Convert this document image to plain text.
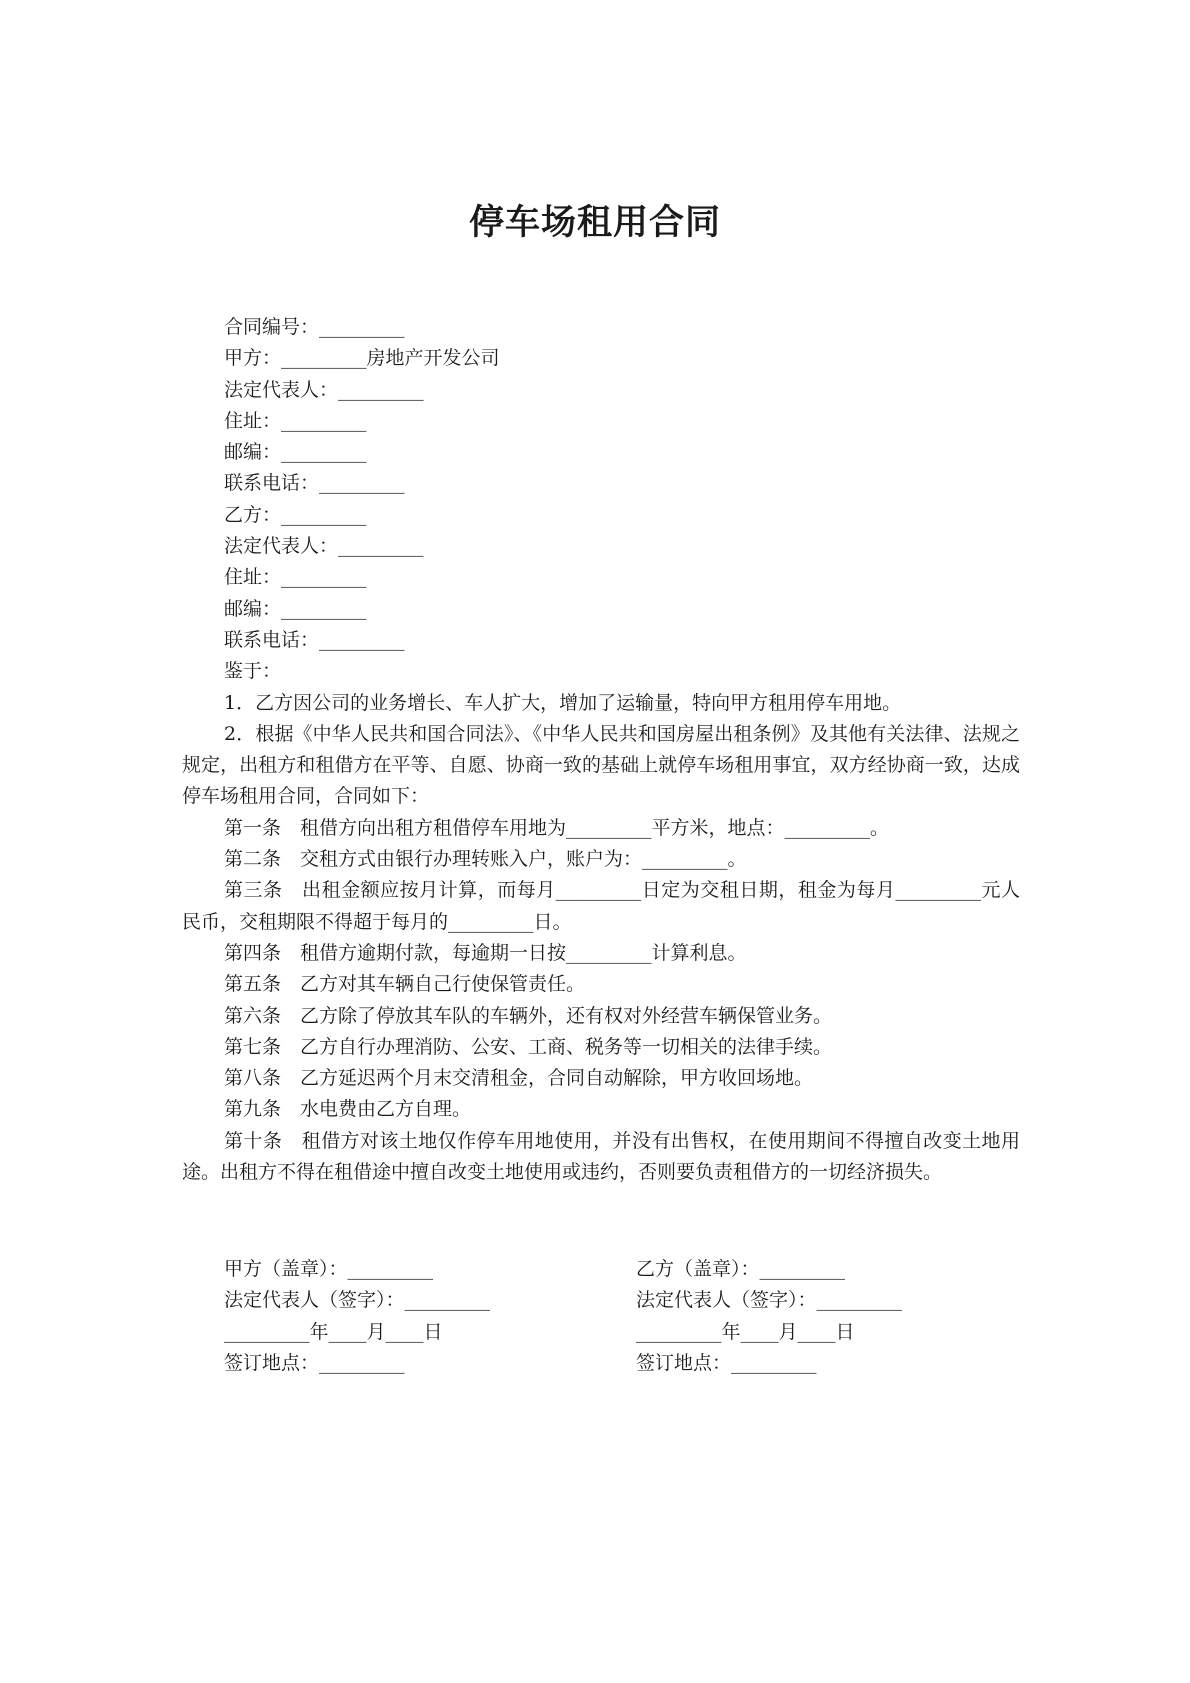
停车场租用合同
合同编号：_________
甲方：_________房地产开发公司
法定代表人：_________
住址：_________
邮编：_________
联系电话：_________
乙方：_________
法定代表人：_________
住址：_________
邮编：_________
联系电话：_________
鉴于：
1．乙方因公司的业务增长、车人扩大，增加了运输量，特向甲方租用停车用地。
2．根据《中华人民共和国合同法》、《中华人民共和国房屋出租条例》及其他有关法律、法规之规定，出租方和租借方在平等、自愿、协商一致的基础上就停车场租用事宜，双方经协商一致，达成停车场租用合同，合同如下：
第一条　租借方向出租方租借停车用地为_________平方米，地点：_________。
第二条　交租方式由银行办理转账入户，账户为：_________。
第三条　出租金额应按月计算，而每月_________日定为交租日期，租金为每月_________元人民币，交租期限不得超于每月的_________日。
第四条　租借方逾期付款，每逾期一日按_________计算利息。
第五条　乙方对其车辆自己行使保管责任。
第六条　乙方除了停放其车队的车辆外，还有权对外经营车辆保管业务。
第七条　乙方自行办理消防、公安、工商、税务等一切相关的法律手续。
第八条　乙方延迟两个月末交清租金，合同自动解除，甲方收回场地。
第九条　水电费由乙方自理。
第十条　租借方对该土地仅作停车用地使用，并没有出售权，在使用期间不得擅自改变土地用途。出租方不得在租借途中擅自改变土地使用或违约，否则要负责租借方的一切经济损失。
甲方（盖章）：_________
法定代表人（签字）：_________
_________年____月____日
签订地点：_________
乙方（盖章）：_________
法定代表人（签字）：_________
_________年____月____日
签订地点：_________
